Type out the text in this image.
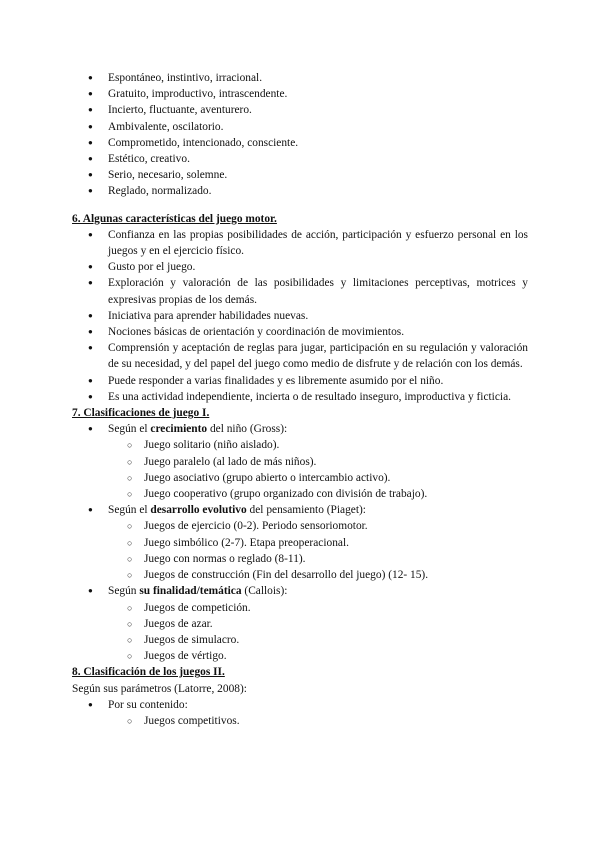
● Espontáneo, instintivo, irracional.
● Gratuito, improductivo, intrascendente.
● Incierto, fluctuante, aventurero.
● Ambivalente, oscilatorio.
● Comprometido, intencionado, consciente.
● Estético, creativo.
● Serio, necesario, solemne.
● Reglado, normalizado.
6. Algunas características del juego motor.
● Confianza en las propias posibilidades de acción, participación y esfuerzo personal en los juegos y en el ejercicio físico.
● Gusto por el juego.
● Exploración y valoración de las posibilidades y limitaciones perceptivas, motrices y expresivas propias de los demás.
● Iniciativa para aprender habilidades nuevas.
● Nociones básicas de orientación y coordinación de movimientos.
● Comprensión y aceptación de reglas para jugar, participación en su regulación y valoración de su necesidad, y del papel del juego como medio de disfrute y de relación con los demás.
● Puede responder a varias finalidades y es libremente asumido por el niño.
● Es una actividad independiente, incierta o de resultado inseguro, improductiva y ficticia.
7. Clasificaciones de juego I.
● Según el crecimiento del niño (Gross):
○ Juego solitario (niño aislado).
○ Juego paralelo (al lado de más niños).
○ Juego asociativo (grupo abierto o intercambio activo).
○ Juego cooperativo (grupo organizado con división de trabajo).
● Según el desarrollo evolutivo del pensamiento (Piaget):
○ Juegos de ejercicio (0-2). Periodo sensoriomotor.
○ Juego simbólico (2-7). Etapa preoperacional.
○ Juego con normas o reglado (8-11).
○ Juegos de construcción (Fin del desarrollo del juego) (12- 15).
● Según su finalidad/temática (Callois):
○ Juegos de competición.
○ Juegos de azar.
○ Juegos de simulacro.
○ Juegos de vértigo.
8. Clasificación de los juegos II.
Según sus parámetros (Latorre, 2008):
● Por su contenido:
○ Juegos competitivos.
